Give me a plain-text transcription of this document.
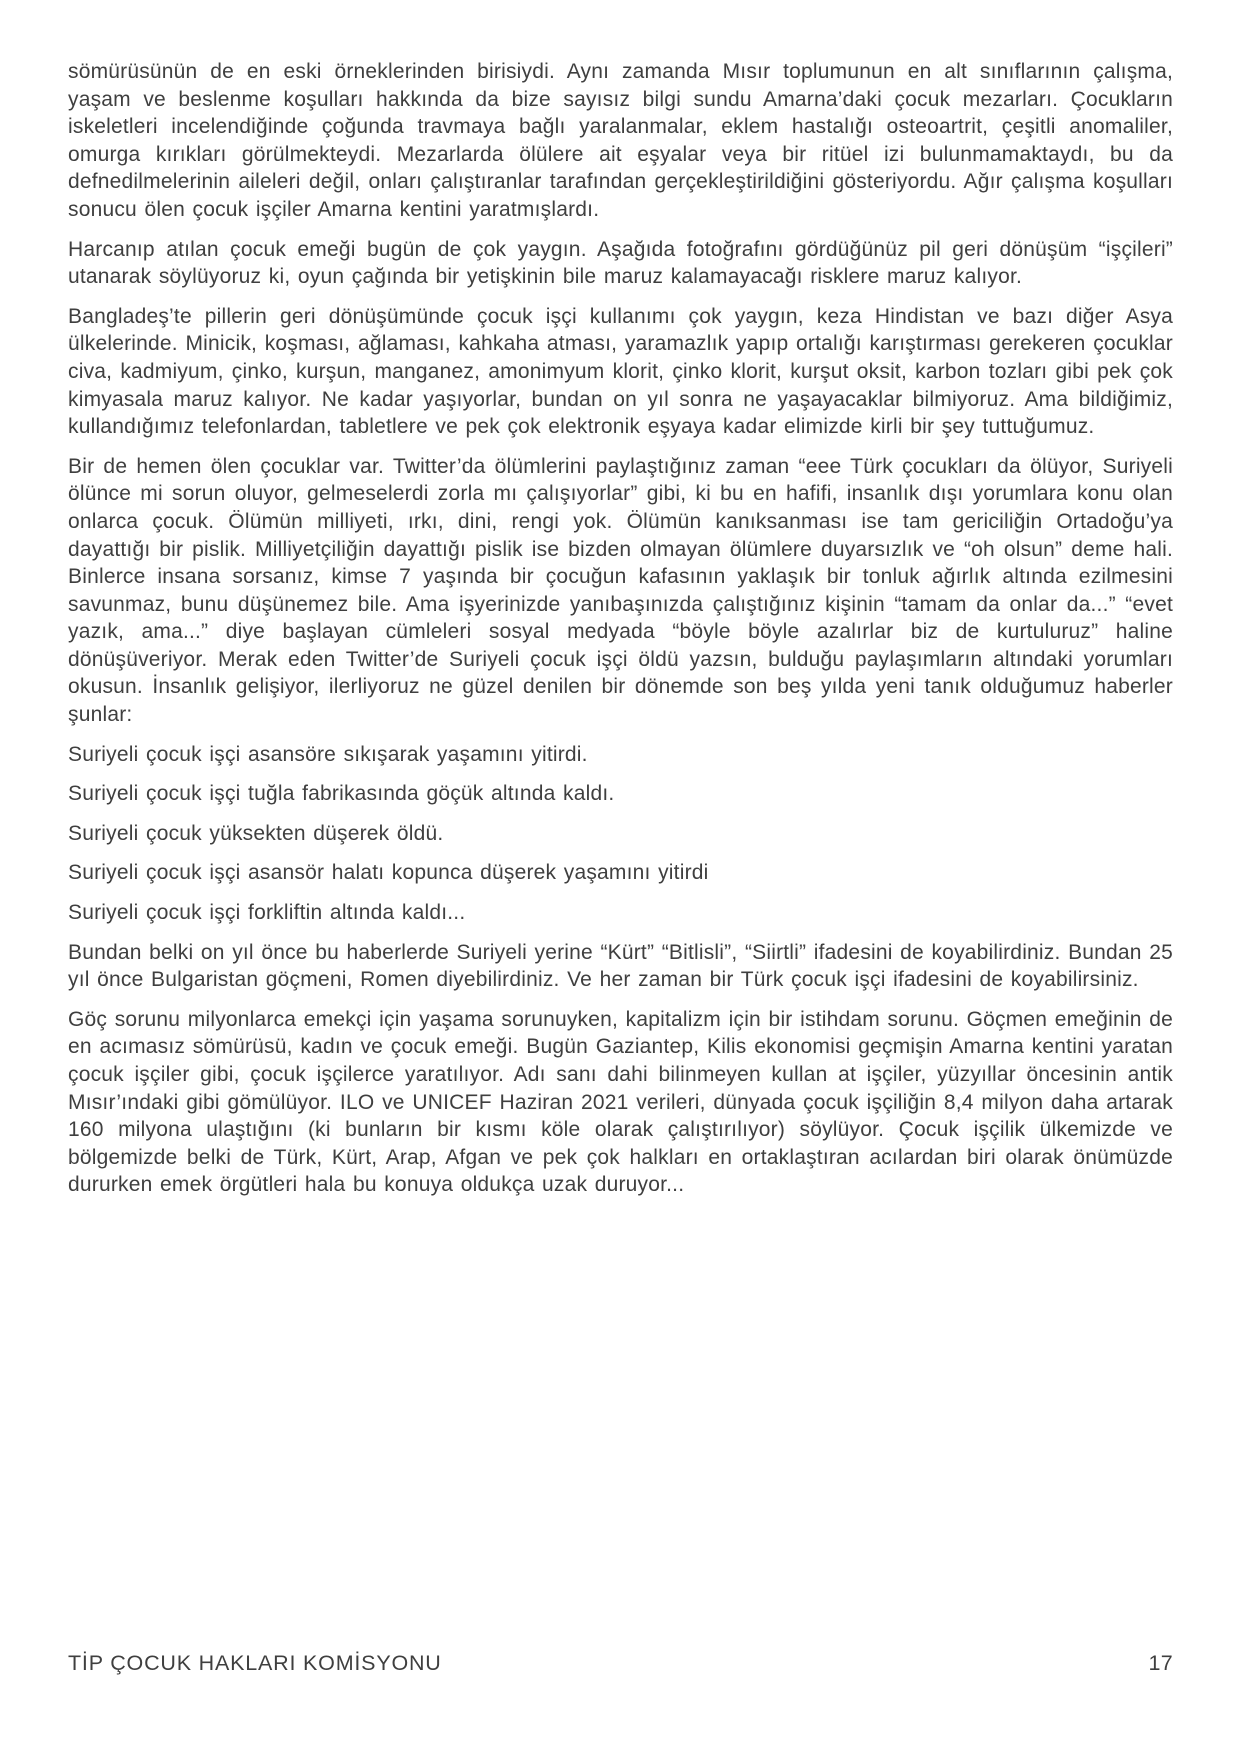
sömürüsünün de en eski örneklerinden birisiydi. Aynı zamanda Mısır toplumunun en alt sınıflarının çalışma, yaşam ve beslenme koşulları hakkında da bize sayısız bilgi sundu Amarna’daki çocuk mezarları. Çocukların iskeletleri incelendiğinde çoğunda travmaya bağlı yaralanmalar, eklem hastalığı osteoartrit, çeşitli anomaliler, omurga kırıkları görülmekteydi. Mezarlarda ölülere ait eşyalar veya bir ritüel izi bulunmamaktaydı, bu da defnedilmelerinin aileleri değil, onları çalıştıranlar tarafından gerçekleştirildiğini gösteriyordu. Ağır çalışma koşulları sonucu ölen çocuk işçiler Amarna kentini yaratmışlardı.

Harcanıp atılan çocuk emeği bugün de çok yaygın. Aşağıda fotoğrafını gördüğünüz pil geri dönüşüm “işçileri” utanarak söylüyoruz ki, oyun çağında bir yetişkinin bile maruz kalamayacağı risklere maruz kalıyor.

Bangladeş’te pillerin geri dönüşümünde çocuk işçi kullanımı çok yaygın, keza Hindistan ve bazı diğer Asya ülkelerinde. Minicik, koşması, ağlaması, kahkaha atması, yaramazlık yapıp ortalığı karıştırması gerekeren çocuklar civa, kadmiyum, çinko, kurşun, manganez, amonimyum klorit, çinko klorit, kurşut oksit, karbon tozları gibi pek çok kimyasala maruz kalıyor. Ne kadar yaşıyorlar, bundan on yıl sonra ne yaşayacaklar bilmiyoruz. Ama bildiğimiz, kullandığımız telefonlardan, tabletlere ve pek çok elektronik eşyaya kadar elimizde kirli bir şey tuttuğumuz.

Bir de hemen ölen çocuklar var. Twitter’da ölümlerini paylaştığınız zaman “eee Türk çocukları da ölüyor, Suriyeli ölünce mi sorun oluyor, gelmeselerdi zorla mı çalışıyorlar” gibi, ki bu en hafifi, insanlık dışı yorumlara konu olan onlarca çocuk. Ölümün milliyeti, ırkı, dini, rengi yok. Ölümün kanıksanması ise tam gericiliğin Ortadoğu’ya dayattığı bir pislik. Milliyetçiliğin dayattığı pislik ise bizden olmayan ölümlere duyarsızlık ve “oh olsun” deme hali. Binlerce insana sorsanız, kimse 7 yaşında bir çocuğun kafasının yaklaşık bir tonluk ağırlık altında ezilmesini savunmaz, bunu düşünemez bile. Ama işyerinizde yanıbaşınızda çalıştığınız kişinin “tamam da onlar da...” “evet yazık, ama...” diye başlayan cümleleri sosyal medyada “böyle böyle azalırlar biz de kurtuluruz” haline dönüşüveriyor. Merak eden Twitter’de Suriyeli çocuk işçi öldü yazsın, bulduğu paylaşımların altındaki yorumları okusun. İnsanlık gelişiyor, ilerliyoruz ne güzel denilen bir dönemde son beş yılda yeni tanık olduğumuz haberler şunlar:

Suriyeli çocuk işçi asansöre sıkışarak yaşamını yitirdi.

Suriyeli çocuk işçi tuğla fabrikasında göçük altında kaldı.

Suriyeli çocuk yüksekten düşerek öldü.

Suriyeli çocuk işçi asansör halatı kopunca düşerek yaşamını yitirdi

Suriyeli çocuk işçi forkliftin altında kaldı...

Bundan belki on yıl önce bu haberlerde Suriyeli yerine “Kürt” “Bitlisli”, “Siirtli” ifadesini de koyabilirdiniz. Bundan 25 yıl önce Bulgaristan göçmeni, Romen diyebilirdiniz. Ve her zaman bir Türk çocuk işçi ifadesini de koyabilirsiniz.

Göç sorunu milyonlarca emekçi için yaşama sorunuyken, kapitalizm için bir istihdam sorunu. Göçmen emeğinin de en acımasız sömürüsü, kadın ve çocuk emeği. Bugün Gaziantep, Kilis ekonomisi geçmişin Amarna kentini yaratan çocuk işçiler gibi, çocuk işçilerce yaratılıyor. Adı sanı dahi bilinmeyen kullan at işçiler, yüzyıllar öncesinin antik Mısır’ındaki gibi gömülüyor. ILO ve UNICEF Haziran 2021 verileri, dünyada çocuk işçiliğin 8,4 milyon daha artarak 160 milyona ulaştığını (ki bunların bir kısmı köle olarak çalıştırılıyor) söylüyor. Çocuk işçilik ülkemizde ve bölgemizde belki de Türk, Kürt, Arap, Afgan ve pek çok halkları en ortaklaştıran acılardan biri olarak önümüzde dururken emek örgütleri hala bu konuya oldukça uzak duruyor...

TİP ÇOCUK HAKLARI KOMİSYONU	17
